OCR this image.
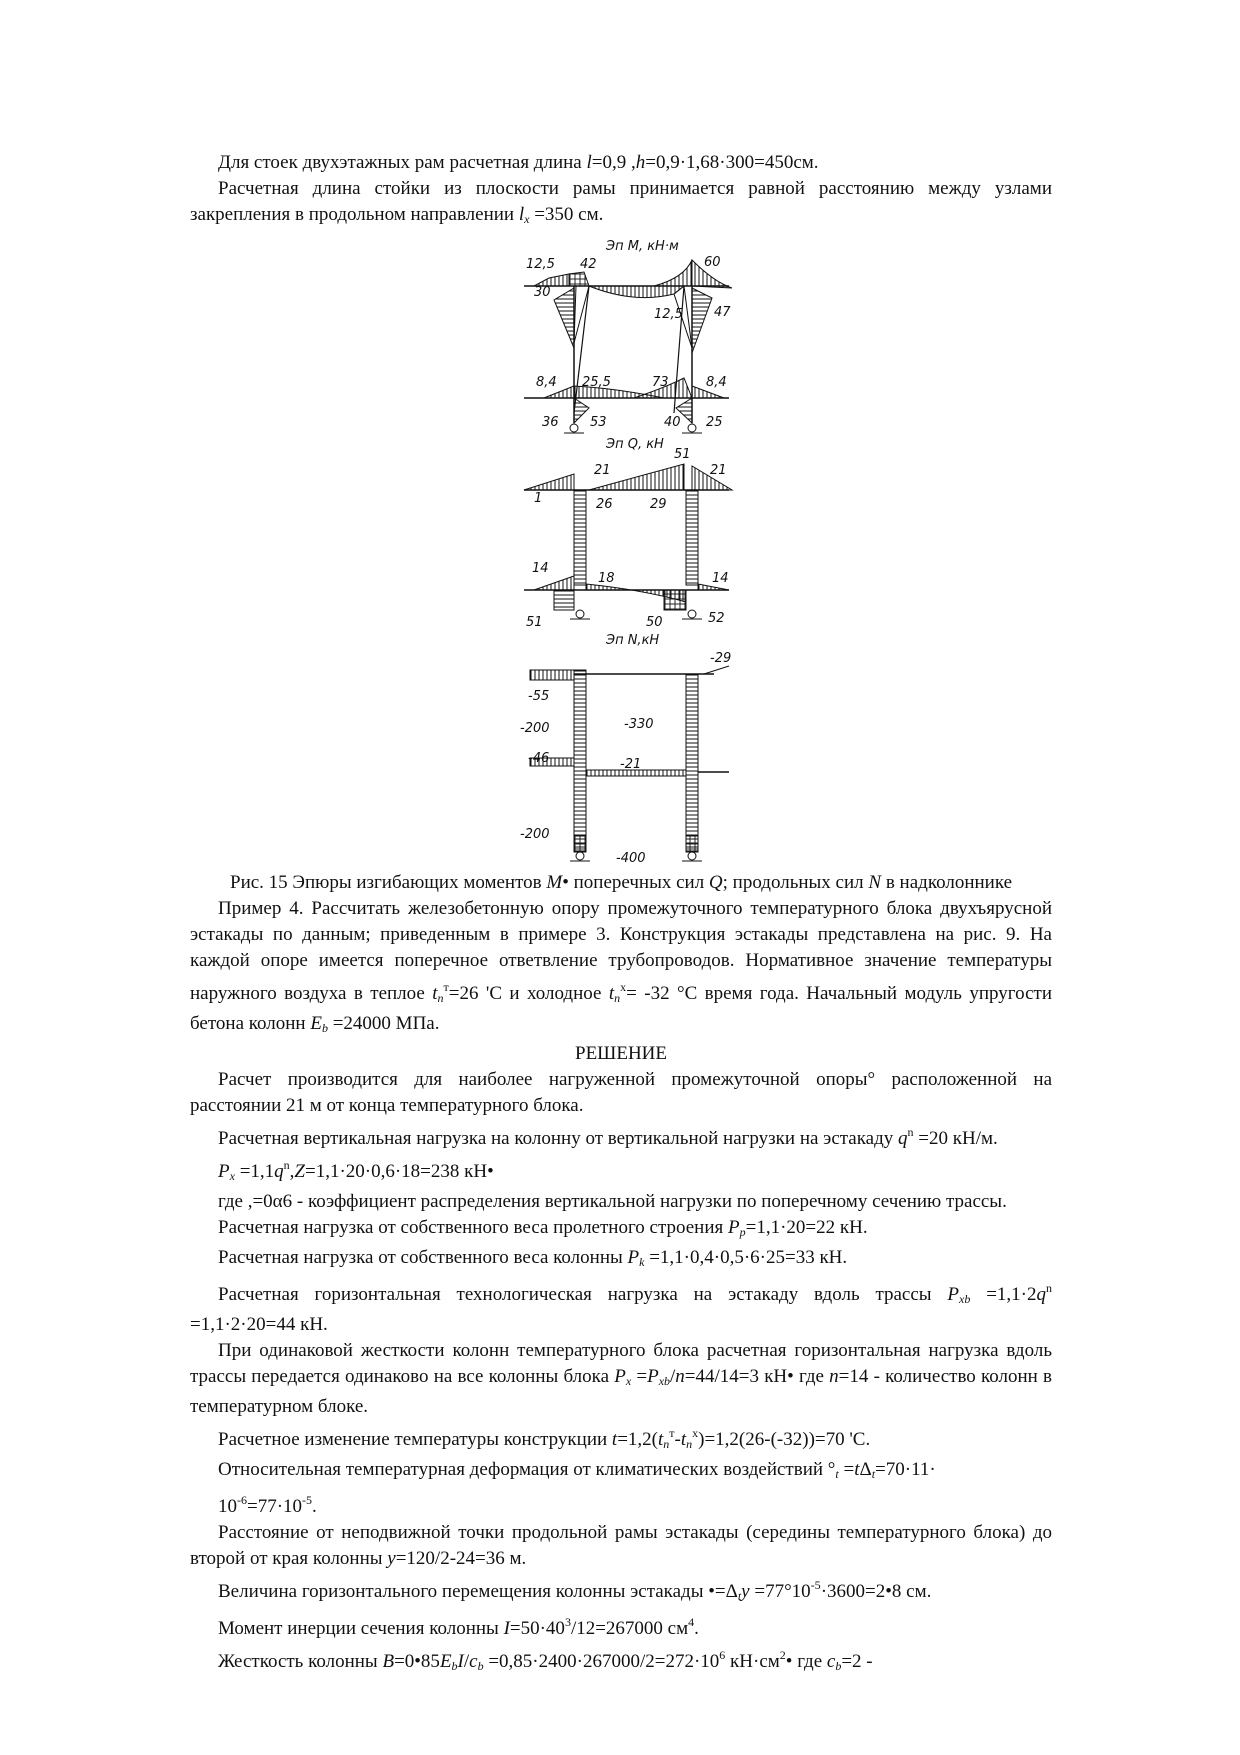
Для стоек двухэтажных рам расчетная длина l=0,9 ,h=0,9·1,68·300=450см.

Расчетная длина стойки из плоскости рамы принимается равной расстоянию между узлами закрепления в продольном направлении $l_x =350$ см.

Эп M, кН·м
12,5 42	60
30
12,5 47
8,4 25,5	73	8,4
36 53	40 25
Эп Q, кН
21
51
21
1	26	29
14
18	14
51	50	52
Эп N,кН
-29
-55
-200	-330
-46	-21
-200
-400

Рис. 15 Эпюры изгибающих моментов M• поперечных сил Q; продольных сил N в надколоннике

Пример 4. Рассчитать железобетонную опору промежуточного температурного блока двухъярусной эстакады по данным; приведенным в примере 3. Конструкция эстакады представлена на рис. 9. На каждой опоре имеется поперечное ответвление трубопроводов. Нормативное значение температуры наружного воздуха в теплое $t_n^т=26$ 'С и холодное $t_n^х= -32$ °С время года. Начальный модуль упругости бетона колонн $E_b =24000$ МПа.

РЕШЕНИЕ

Расчет производится для наиболее нагруженной промежуточной опоры° расположенной на расстоянии 21 м от конца температурного блока.

Расчетная вертикальная нагрузка на колонну от вертикальной нагрузки на эстакаду $q^n =20$ кН/м.

$P_x =1,1q^n,Z=1,1\cdot 20\cdot 0,6\cdot 18=238$ кН•

где ,=0α6 - коэффициент распределения вертикальной нагрузки по поперечному сечению трассы.

Расчетная нагрузка от собственного веса пролетного строения $P_p=1,1\cdot 20=22$ кН.

Расчетная нагрузка от собственного веса колонны $P_k =1,1\cdot 0,4\cdot 0,5\cdot 6\cdot 25=33$ кН.

Расчетная горизонтальная технологическая нагрузка на эстакаду вдоль трассы $P_{xb} =1,1\cdot 2q^n =1,1\cdot 2\cdot 20=44$ кН.

При одинаковой жесткости колонн температурного блока расчетная горизонтальная нагрузка вдоль трассы передается одинаково на все колонны блока $P_x =P_{xb}/n=44/14=3$ кН• где n=14 - количество колонн в температурном блоке.

Расчетное изменение температуры конструкции $t=1,2(t_n^т-t_n^х)=1,2(26-(-32))=70$ 'С.

Относительная температурная деформация от климатических воздействий $^\circ_t =t\Delta_t=70\cdot 11\cdot$

$10^{-6}=77\cdot 10^{-5}$.

Расстояние от неподвижной точки продольной рамы эстакады (середины температурного блока) до второй от края колонны y=120/2-24=36 м.

Величина горизонтального перемещения колонны эстакады $•=\Delta_ty$ $=77^\circ 10^{-5}\cdot 3600=2•8$ см.

Момент инерции сечения колонны $I=50\cdot 40^3/12=267000$ $см^4$.

Жесткость колонны $B=0•85E_bI/c_b =0,85\cdot 2400\cdot 267000/2=272\cdot 10^6$ $кН\cdot см^2•$ где $c_b=2$ -
